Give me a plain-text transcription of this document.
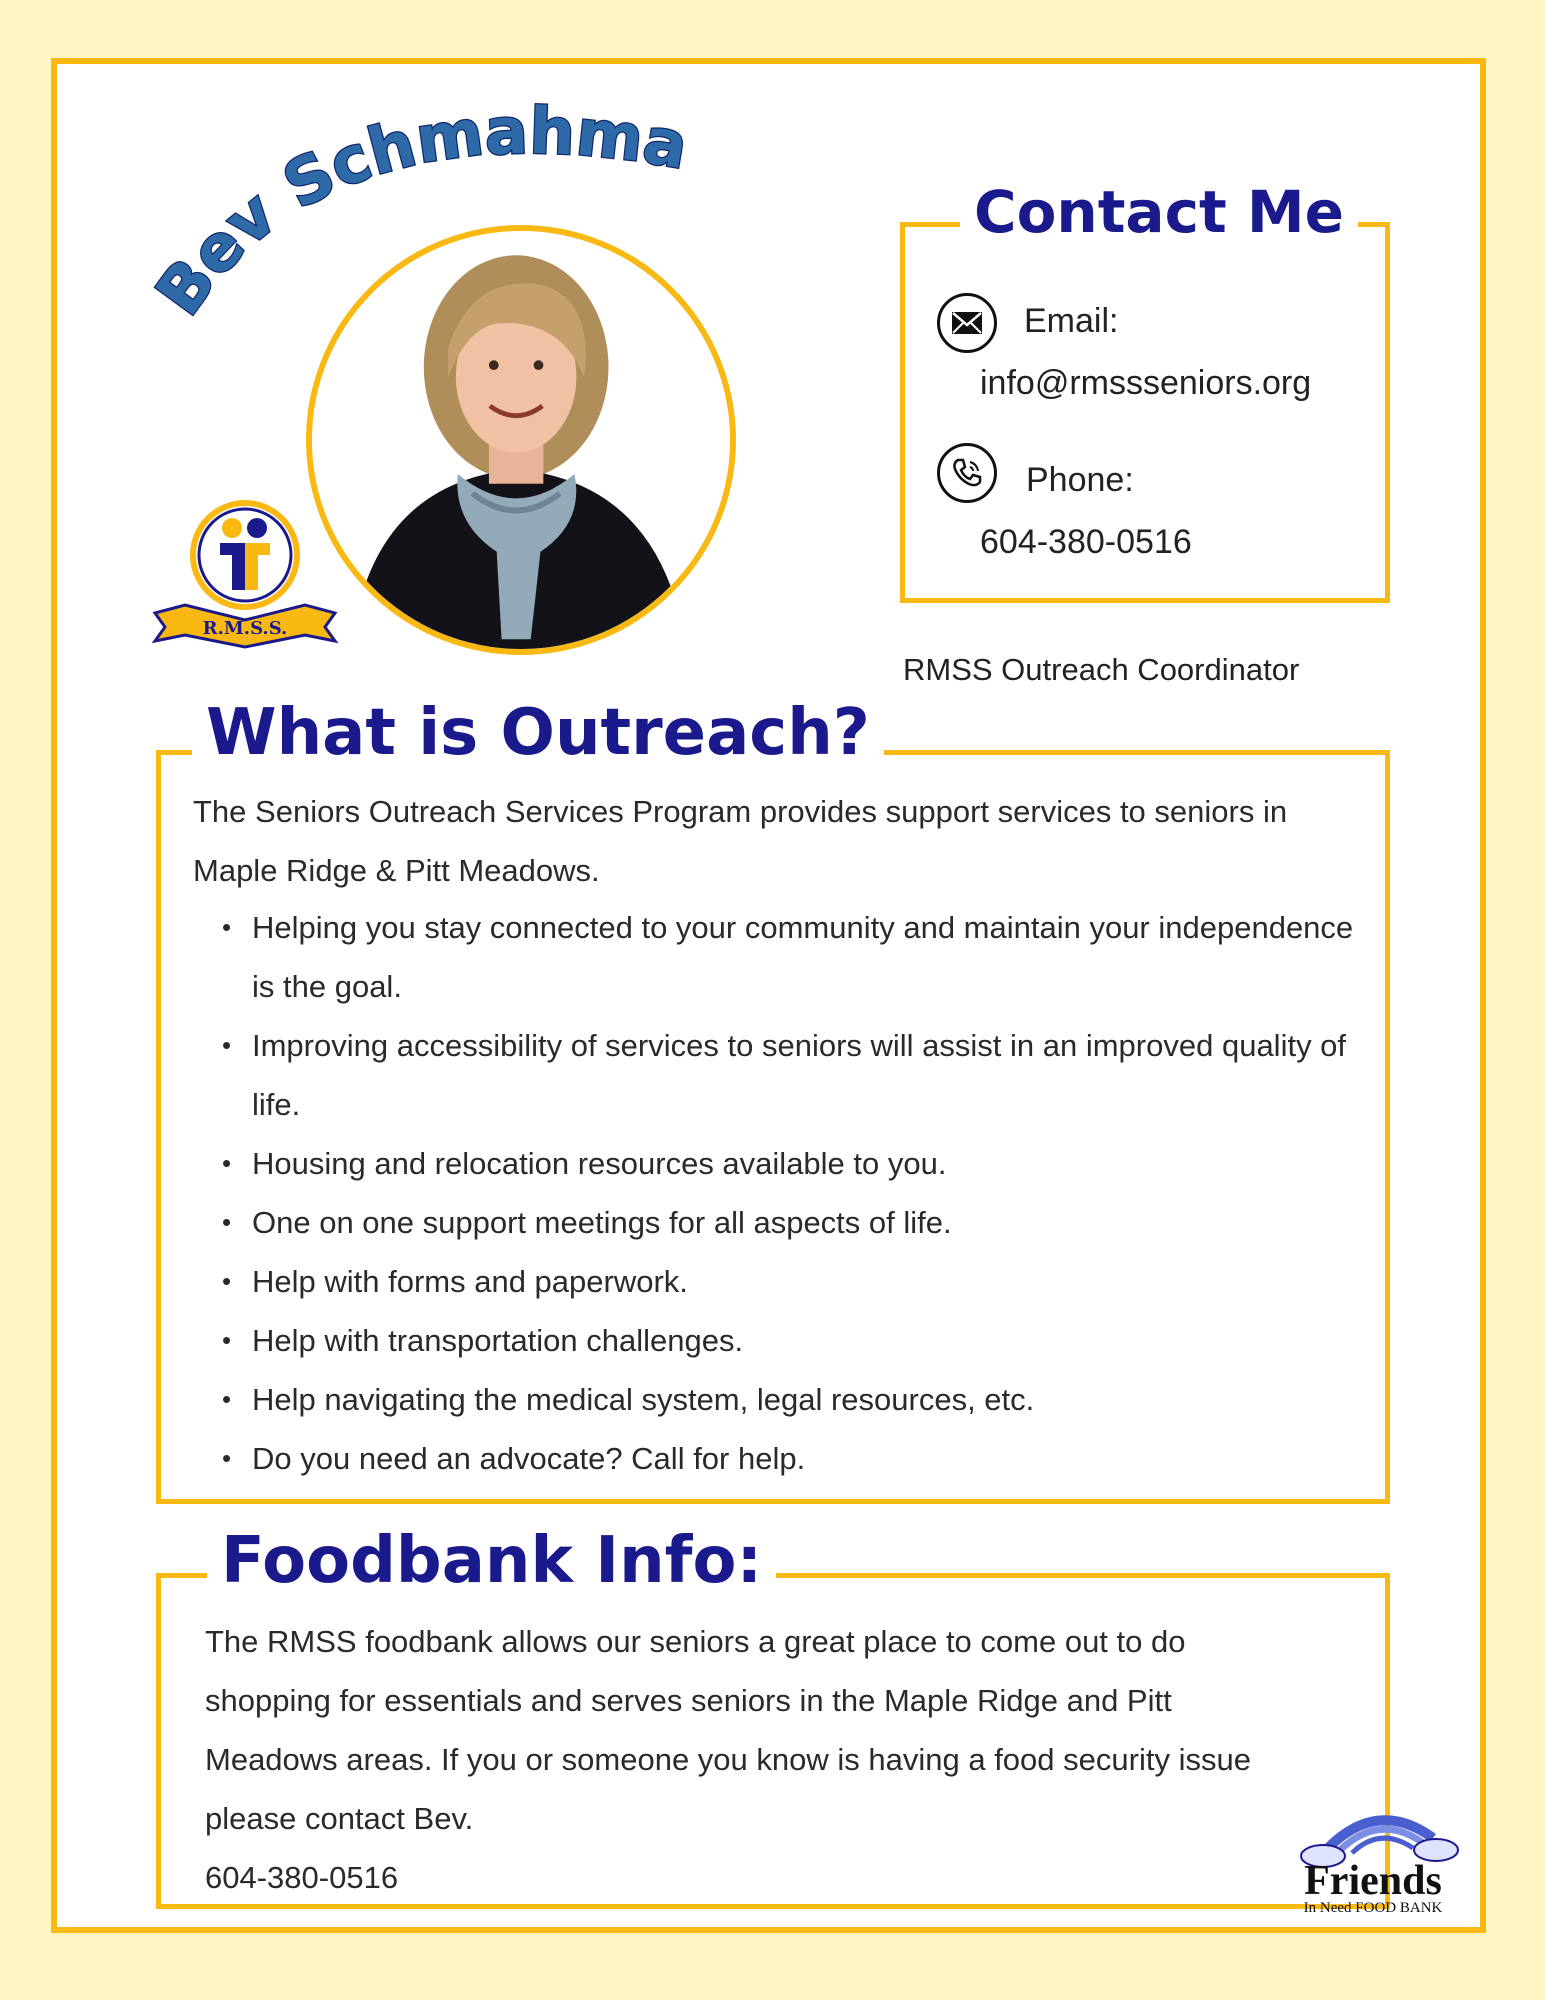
Bev Schmahmann
R.M.S.S.
Contact Me
Email:
info@rmssseniors.org
Phone:
604-380-0516
RMSS Outreach Coordinator
What is Outreach?
The Seniors Outreach Services Program provides support services to seniors in Maple Ridge & Pitt Meadows.
• Helping you stay connected to your community and maintain your independence is the goal.
• Improving accessibility of services to seniors will assist in an improved quality of life.
• Housing and relocation resources available to you.
• One on one support meetings for all aspects of life.
• Help with forms and paperwork.
• Help with transportation challenges.
• Help navigating the medical system, legal resources, etc.
• Do you need an advocate? Call for help.
Foodbank Info:
The RMSS foodbank allows our seniors a great place to come out to do shopping for essentials and serves seniors in the Maple Ridge and Pitt Meadows areas. If you or someone you know is having a food security issue please contact Bev.
604-380-0516	Friends
In Need FOOD BANK
